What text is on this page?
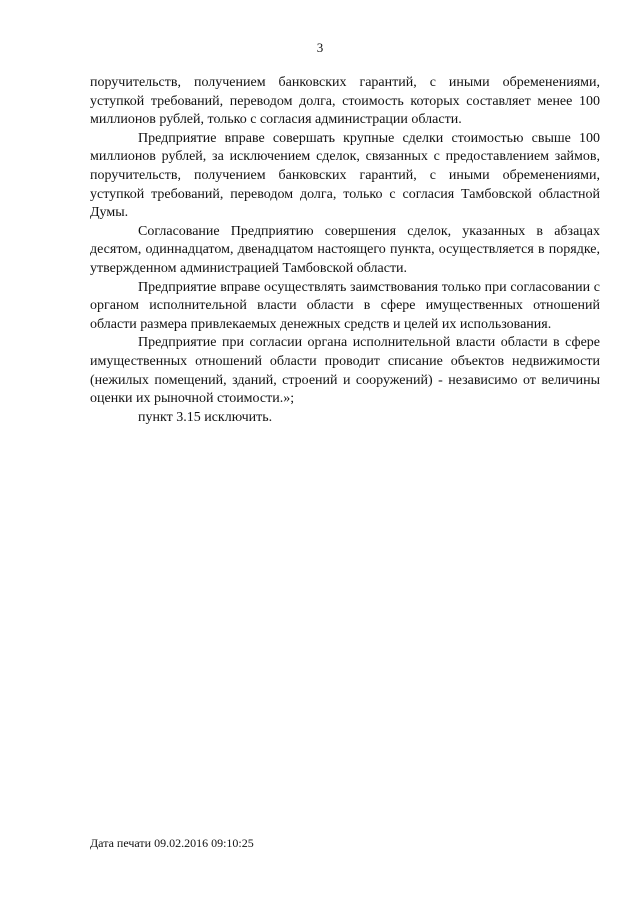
3

поручительств, получением банковских гарантий, с иными обременениями, уступкой требований, переводом долга, стоимость которых составляет менее 100 миллионов рублей, только с согласия администрации области.

Предприятие вправе совершать крупные сделки стоимостью свыше 100 миллионов рублей, за исключением сделок, связанных с предоставлением займов, поручительств, получением банковских гарантий, с иными обременениями, уступкой требований, переводом долга, только с согласия Тамбовской областной Думы.

Согласование Предприятию совершения сделок, указанных в абзацах десятом, одиннадцатом, двенадцатом настоящего пункта, осуществляется в порядке, утвержденном администрацией Тамбовской области.

Предприятие вправе осуществлять заимствования только при согласовании с органом исполнительной власти области в сфере имущественных отношений области размера привлекаемых денежных средств и целей их использования.

Предприятие при согласии органа исполнительной власти области в сфере имущественных отношений области проводит списание объектов недвижимости (нежилых помещений, зданий, строений и сооружений) - независимо от величины оценки их рыночной стоимости.»;

пункт 3.15 исключить.

Дата печати 09.02.2016 09:10:25
